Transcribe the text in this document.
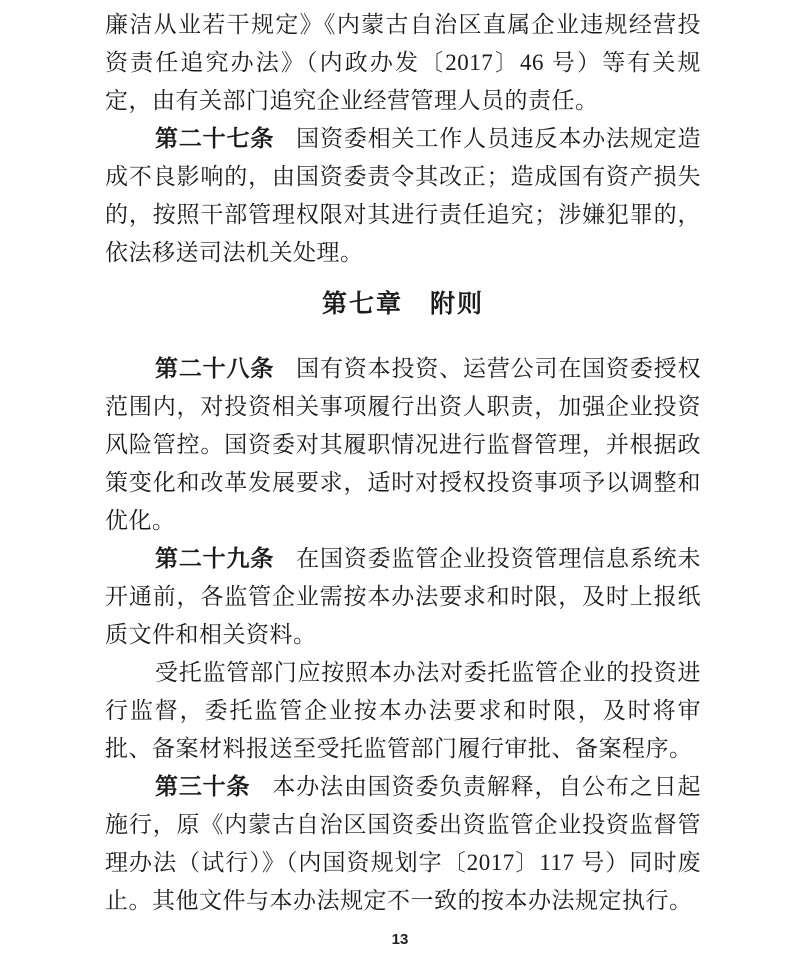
廉洁从业若干规定》《内蒙古自治区直属企业违规经营投资责任追究办法》（内政办发〔2017〕46 号）等有关规定，由有关部门追究企业经营管理人员的责任。

第二十七条 国资委相关工作人员违反本办法规定造成不良影响的，由国资委责令其改正；造成国有资产损失的，按照干部管理权限对其进行责任追究；涉嫌犯罪的，依法移送司法机关处理。

第七章　附则

第二十八条 国有资本投资、运营公司在国资委授权范围内，对投资相关事项履行出资人职责，加强企业投资风险管控。国资委对其履职情况进行监督管理，并根据政策变化和改革发展要求，适时对授权投资事项予以调整和优化。

第二十九条 在国资委监管企业投资管理信息系统未开通前，各监管企业需按本办法要求和时限，及时上报纸质文件和相关资料。

受托监管部门应按照本办法对委托监管企业的投资进行监督，委托监管企业按本办法要求和时限，及时将审批、备案材料报送至受托监管部门履行审批、备案程序。

第三十条 本办法由国资委负责解释，自公布之日起施行，原《内蒙古自治区国资委出资监管企业投资监督管理办法（试行）》（内国资规划字〔2017〕117 号）同时废止。其他文件与本办法规定不一致的按本办法规定执行。

13
